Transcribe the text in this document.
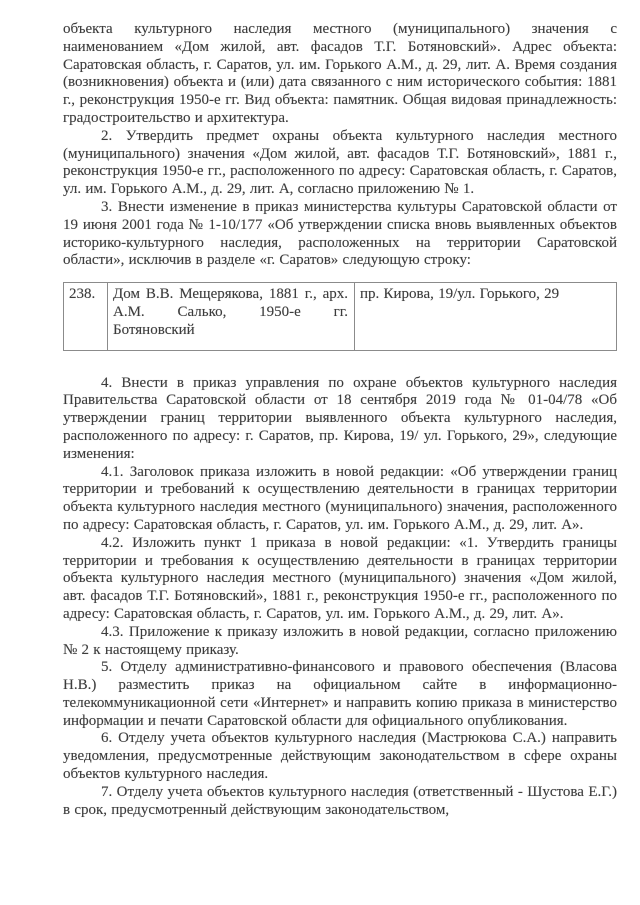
объекта культурного наследия местного (муниципального) значения с наименованием «Дом жилой, авт. фасадов Т.Г. Ботяновский». Адрес объекта: Саратовская область, г. Саратов, ул. им. Горького А.М., д. 29, лит. А. Время создания (возникновения) объекта и (или) дата связанного с ним исторического события: 1881 г., реконструкция 1950-е гг. Вид объекта: памятник. Общая видовая принадлежность: градостроительство и архитектура.

2. Утвердить предмет охраны объекта культурного наследия местного (муниципального) значения «Дом жилой, авт. фасадов Т.Г. Ботяновский», 1881 г., реконструкция 1950-е гг., расположенного по адресу: Саратовская область, г. Саратов, ул. им. Горького А.М., д. 29, лит. А, согласно приложению № 1.

3. Внести изменение в приказ министерства культуры Саратовской области от 19 июня 2001 года № 1-10/177 «Об утверждении списка вновь выявленных объектов историко-культурного наследия, расположенных на территории Саратовской области», исключив в разделе «г. Саратов» следующую строку:

238.	Дом В.В. Мещерякова, 1881 г., арх. А.М. Салько, 1950-е гг. Ботяновский	пр. Кирова, 19/ул. Горького, 29

4. Внести в приказ управления по охране объектов культурного наследия Правительства Саратовской области от 18 сентября 2019 года № 01-04/78 «Об утверждении границ территории выявленного объекта культурного наследия, расположенного по адресу: г. Саратов, пр. Кирова, 19/ ул. Горького, 29», следующие изменения:

4.1. Заголовок приказа изложить в новой редакции: «Об утверждении границ территории и требований к осуществлению деятельности в границах территории объекта культурного наследия местного (муниципального) значения, расположенного по адресу: Саратовская область, г. Саратов, ул. им. Горького А.М., д. 29, лит. А».

4.2. Изложить пункт 1 приказа в новой редакции: «1. Утвердить границы территории и требования к осуществлению деятельности в границах территории объекта культурного наследия местного (муниципального) значения «Дом жилой, авт. фасадов Т.Г. Ботяновский», 1881 г., реконструкция 1950-е гг., расположенного по адресу: Саратовская область, г. Саратов, ул. им. Горького А.М., д. 29, лит. А».

4.3. Приложение к приказу изложить в новой редакции, согласно приложению № 2 к настоящему приказу.

5. Отделу административно-финансового и правового обеспечения (Власова Н.В.) разместить приказ на официальном сайте в информационно-телекоммуникационной сети «Интернет» и направить копию приказа в министерство информации и печати Саратовской области для официального опубликования.

6. Отделу учета объектов культурного наследия (Мастрюкова С.А.) направить уведомления, предусмотренные действующим законодательством в сфере охраны объектов культурного наследия.

7. Отделу учета объектов культурного наследия (ответственный - Шустова Е.Г.) в срок, предусмотренный действующим законодательством,
